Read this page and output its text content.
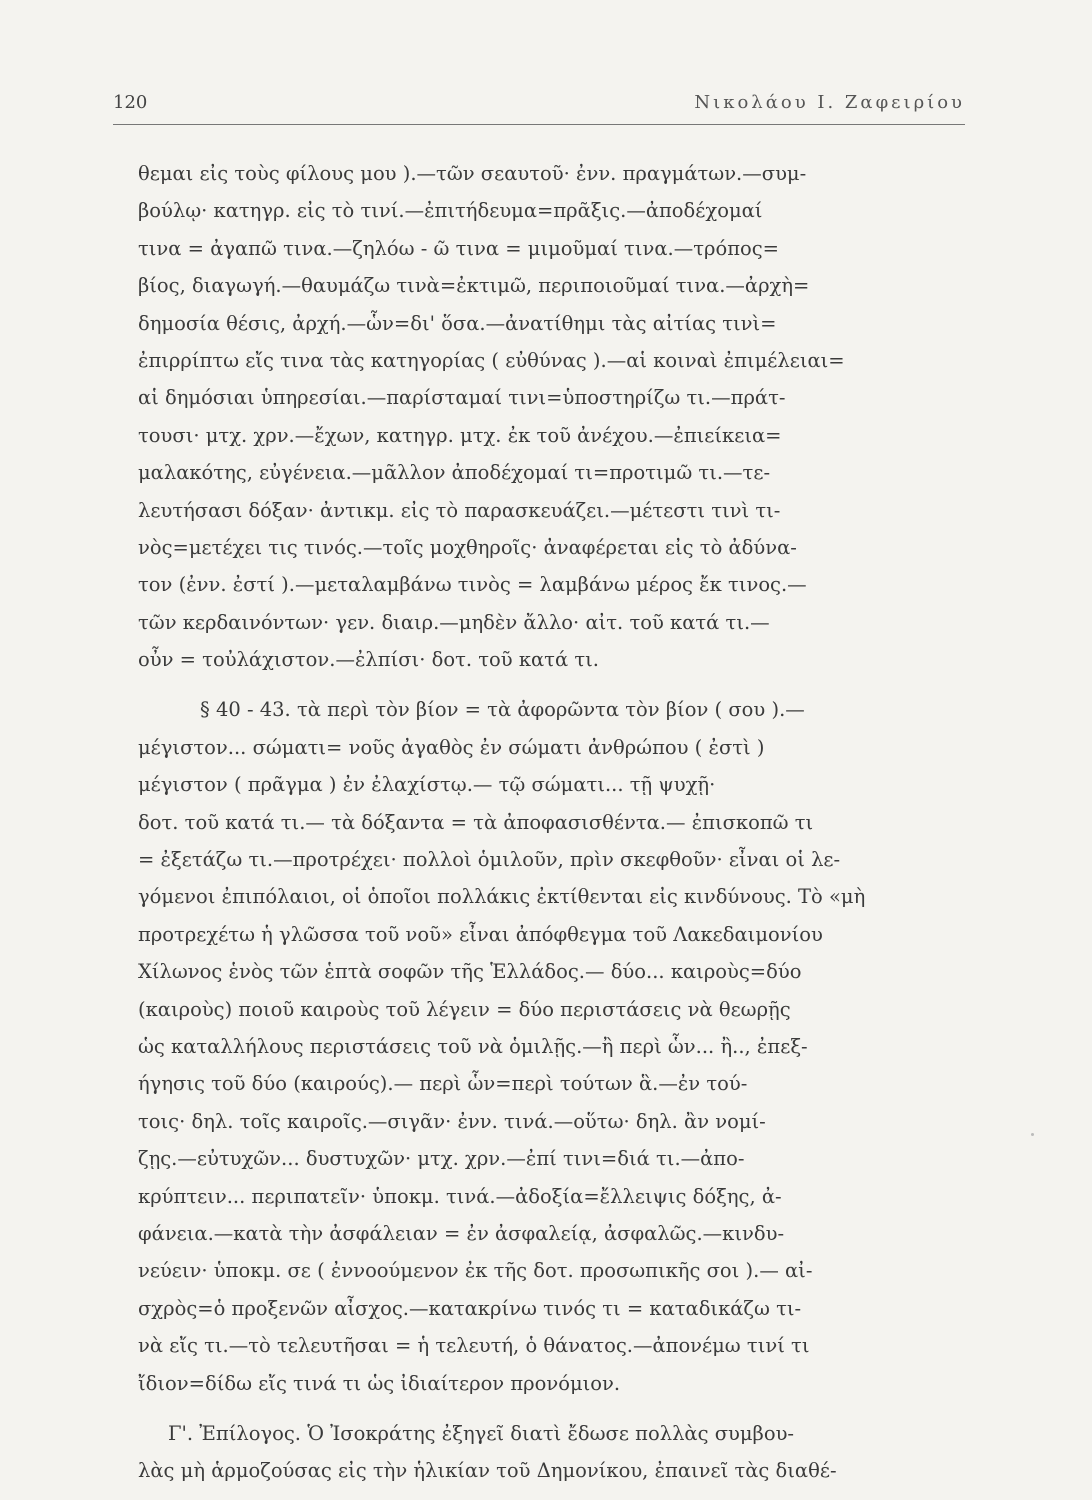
120	Νικολάου Ι. Ζαφειρίου
θεμαι εἰς τοὺς φίλους μου ).—τῶν σεαυτοῦ· ἐνν. πραγμάτων.—συμ-
βούλῳ· κατηγρ. εἰς τὸ τινί.—ἐπιτήδευμα=πρᾶξις.—ἀποδέχομαί
τινα = ἀγαπῶ τινα.—ζηλόω - ῶ τινα = μιμοῦμαί τινα.—τρόπος=
βίος, διαγωγή.—θαυμάζω τινὰ=ἐκτιμῶ, περιποιοῦμαί τινα.—ἀρχὴ=
δημοσία θέσις, ἀρχή.—ὧν=δι' ὅσα.—ἀνατίθημι τὰς αἰτίας τινὶ=
ἐπιρρίπτω εἴς τινα τὰς κατηγορίας ( εὐθύνας ).—αἱ κοιναὶ ἐπιμέλειαι=
αἱ δημόσιαι ὑπηρεσίαι.—παρίσταμαί τινι=ὑποστηρίζω τι.—πράτ-
τουσι· μτχ. χρν.—ἔχων, κατηγρ. μτχ. ἐκ τοῦ ἀνέχου.—ἐπιείκεια=
μαλακότης, εὐγένεια.—μᾶλλον ἀποδέχομαί τι=προτιμῶ τι.—τε-
λευτήσασι δόξαν· ἀντικμ. εἰς τὸ παρασκευάζει.—μέτεστι τινὶ τι-
νὸς=μετέχει τις τινός.—τοῖς μοχθηροῖς· ἀναφέρεται εἰς τὸ ἀδύνα-
τον (ἐνν. ἐστί ).—μεταλαμβάνω τινὸς = λαμβάνω μέρος ἔκ τινος.—
τῶν κερδαινόντων· γεν. διαιρ.—μηδὲν ἄλλο· αἰτ. τοῦ κατά τι.—
οὖν = τοὐλάχιστον.—ἐλπίσι· δοτ. τοῦ κατά τι.
§ 40 - 43. τὰ περὶ τὸν βίον = τὰ ἀφορῶντα τὸν βίον ( σου ).—
μέγιστον... σώματι= νοῦς ἀγαθὸς ἐν σώματι ἀνθρώπου ( ἐστὶ )
μέγιστον ( πρᾶγμα ) ἐν ἐλαχίστῳ.— τῷ σώματι... τῇ ψυχῇ·
δοτ. τοῦ κατά τι.— τὰ δόξαντα = τὰ ἀποφασισθέντα.— ἐπισκοπῶ τι
= ἐξετάζω τι.—προτρέχει· πολλοὶ ὁμιλοῦν, πρὶν σκεφθοῦν· εἶναι οἱ λε-
γόμενοι ἐπιπόλαιοι, οἱ ὁποῖοι πολλάκις ἐκτίθενται εἰς κινδύνους. Τὸ «μὴ
προτρεχέτω ἡ γλῶσσα τοῦ νοῦ» εἶναι ἀπόφθεγμα τοῦ Λακεδαιμονίου
Χίλωνος ἑνὸς τῶν ἑπτὰ σοφῶν τῆς Ἑλλάδος.— δύο... καιροὺς=δύο
(καιροὺς) ποιοῦ καιροὺς τοῦ λέγειν = δύο περιστάσεις νὰ θεωρῇς
ὡς καταλλήλους περιστάσεις τοῦ νὰ ὁμιλῇς.—ἢ περὶ ὧν... ἢ.., ἐπεξ-
ήγησις τοῦ δύο (καιρούς).— περὶ ὧν=περὶ τούτων ἃ.—ἐν τού-
τοις· δηλ. τοῖς καιροῖς.—σιγᾶν· ἐνν. τινά.—οὕτω· δηλ. ἂν νομί-
ζῃς.—εὐτυχῶν... δυστυχῶν· μτχ. χρν.—ἐπί τινι=διά τι.—ἀπο-
κρύπτειν... περιπατεῖν· ὑποκμ. τινά.—ἀδοξία=ἔλλειψις δόξης, ἀ-
φάνεια.—κατὰ τὴν ἀσφάλειαν = ἐν ἀσφαλείᾳ, ἀσφαλῶς.—κινδυ-
νεύειν· ὑποκμ. σε ( ἐννοούμενον ἐκ τῆς δοτ. προσωπικῆς σοι ).— αἰ-
σχρὸς=ὁ προξενῶν αἶσχος.—κατακρίνω τινός τι = καταδικάζω τι-
νὰ εἴς τι.—τὸ τελευτῆσαι = ἡ τελευτή, ὁ θάνατος.—ἀπονέμω τινί τι
ἴδιον=δίδω εἴς τινά τι ὡς ἰδιαίτερον προνόμιον.
Γ'. Ἐπίλογος. Ὁ Ἰσοκράτης ἐξηγεῖ διατὶ ἔδωσε πολλὰς συμβου-
λὰς μὴ ἁρμοζούσας εἰς τὴν ἡλικίαν τοῦ Δημονίκου, ἐπαινεῖ τὰς διαθέ-
